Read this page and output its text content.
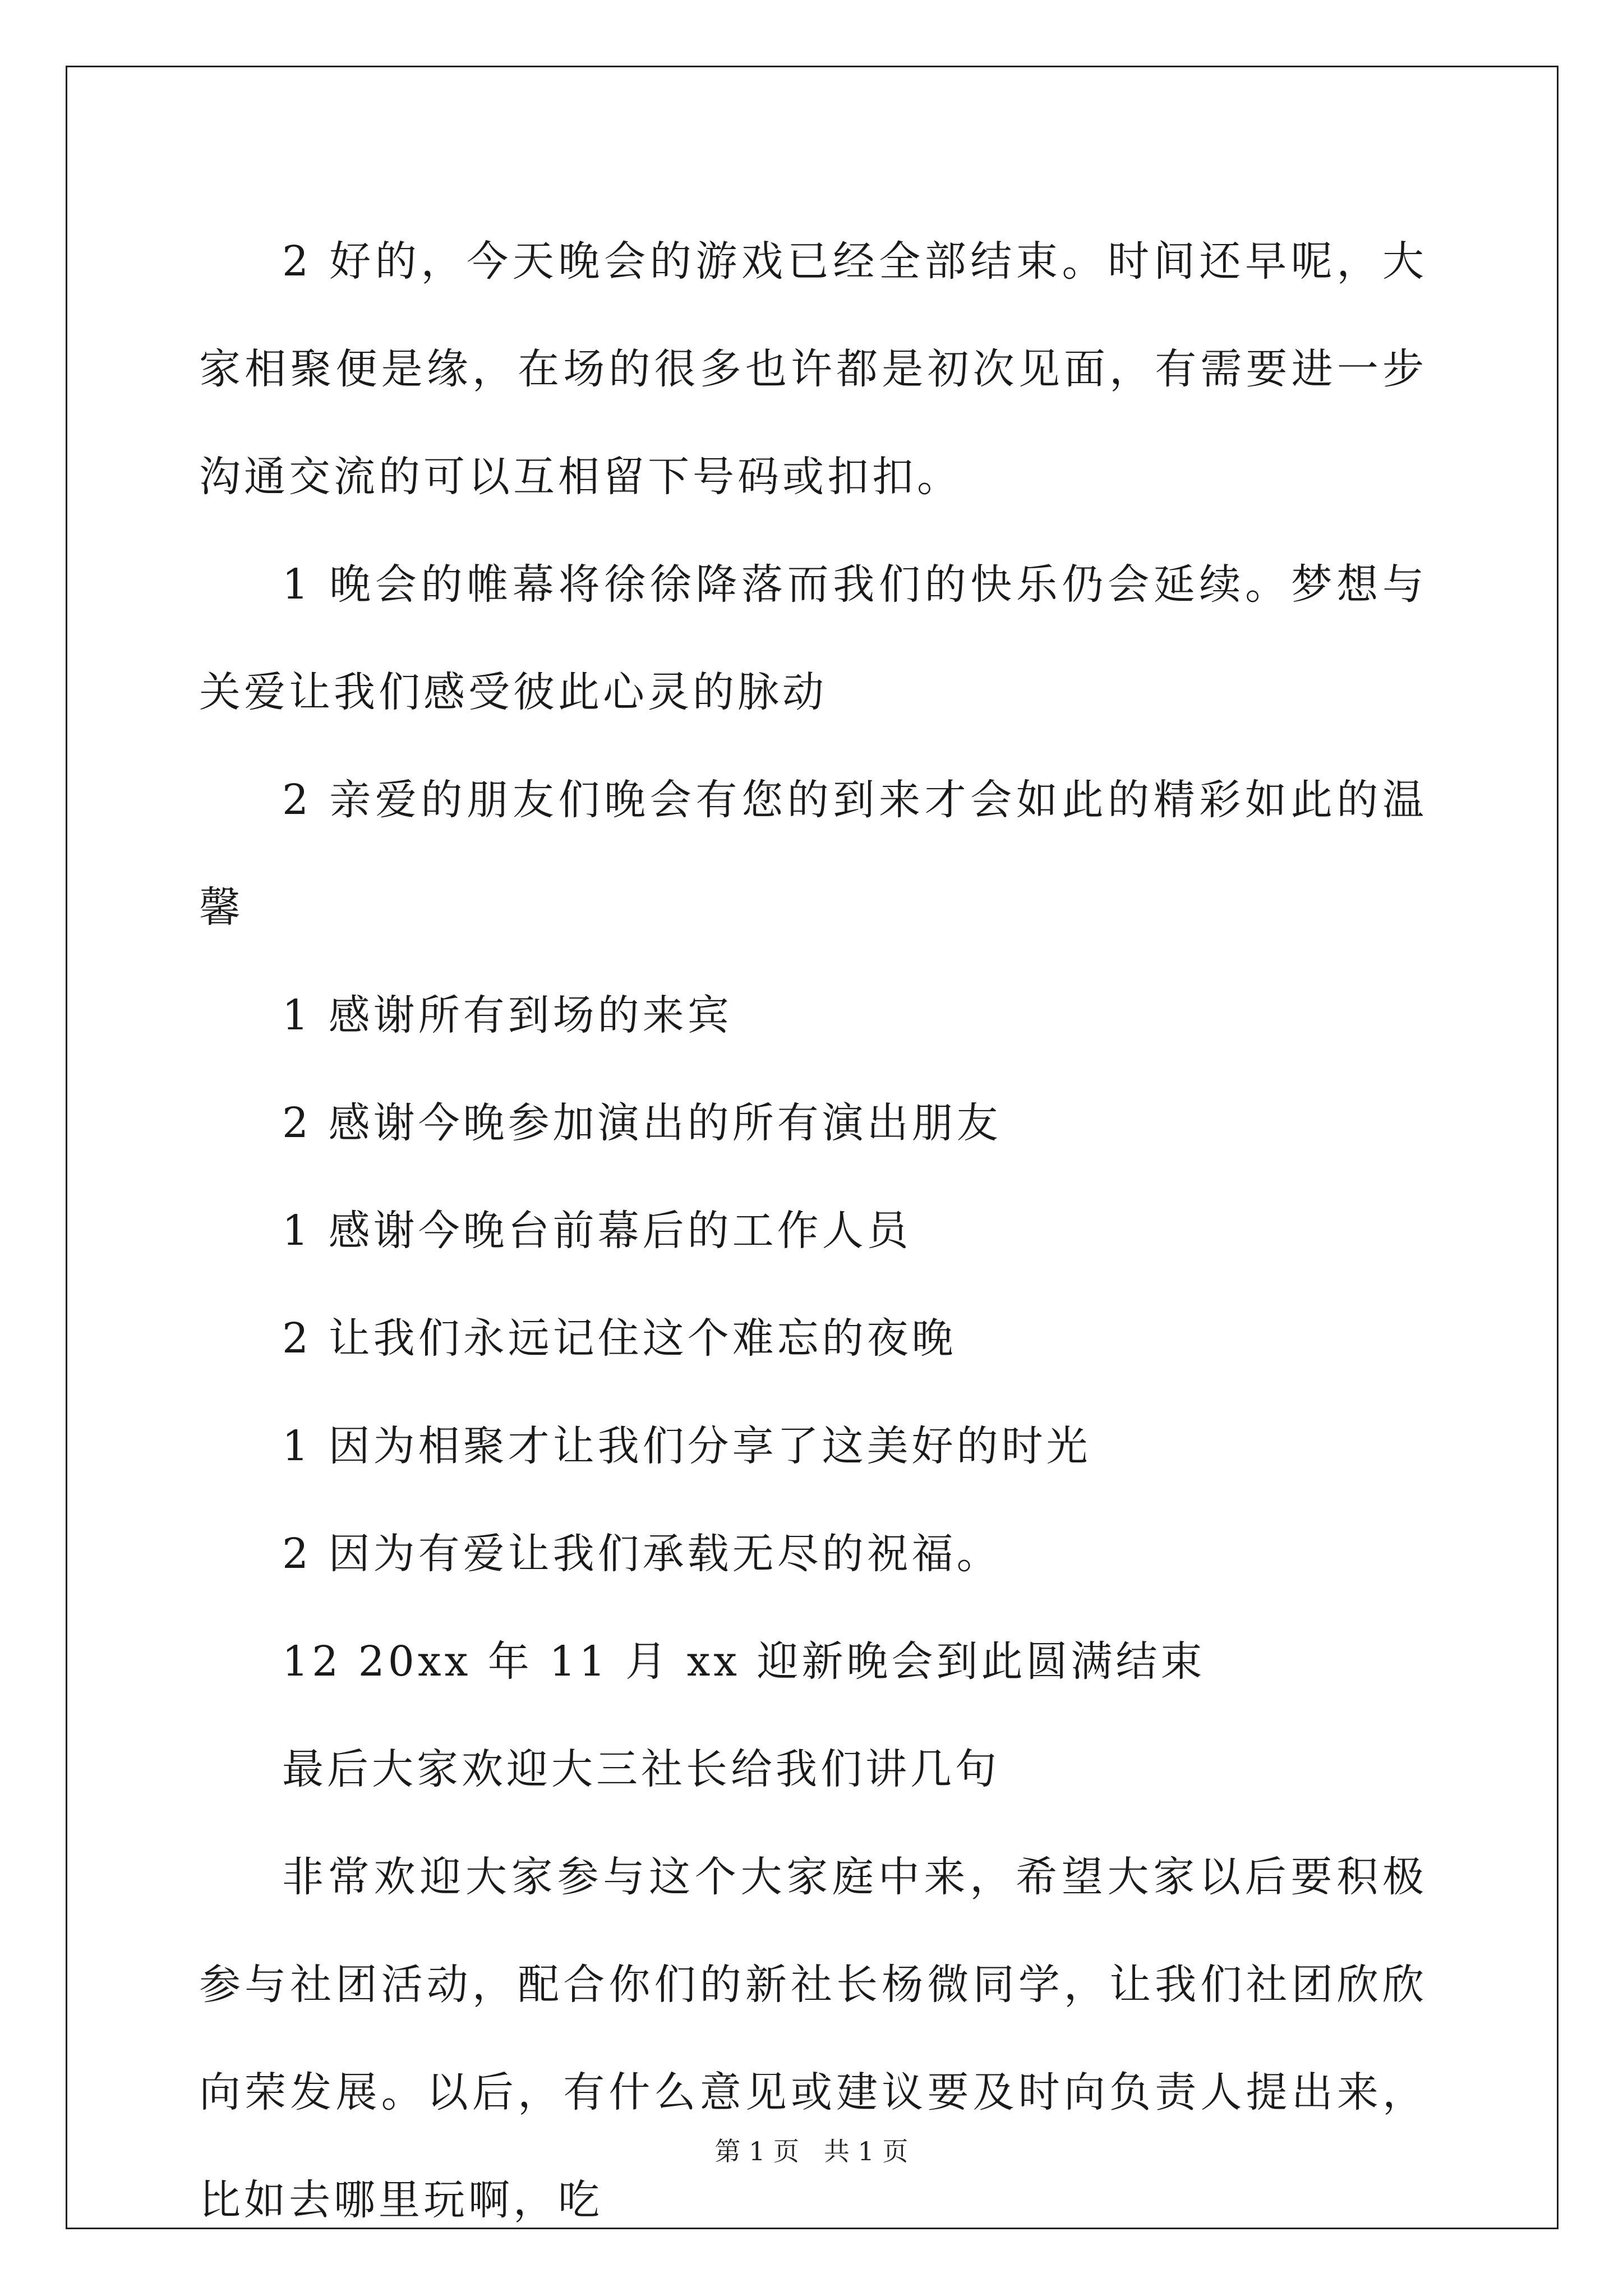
2 好的，今天晚会的游戏已经全部结束。时间还早呢，大家相聚便是缘，在场的很多也许都是初次见面，有需要进一步沟通交流的可以互相留下号码或扣扣。

1 晚会的帷幕将徐徐降落而我们的快乐仍会延续。梦想与关爱让我们感受彼此心灵的脉动

2 亲爱的朋友们晚会有您的到来才会如此的精彩如此的温馨

1 感谢所有到场的来宾

2 感谢今晚参加演出的所有演出朋友

1 感谢今晚台前幕后的工作人员

2 让我们永远记住这个难忘的夜晚

1 因为相聚才让我们分享了这美好的时光

2 因为有爱让我们承载无尽的祝福。

12 20xx 年 11 月 xx 迎新晚会到此圆满结束

最后大家欢迎大三社长给我们讲几句

非常欢迎大家参与这个大家庭中来，希望大家以后要积极参与社团活动，配合你们的新社长杨微同学，让我们社团欣欣向荣发展。以后，有什么意见或建议要及时向负责人提出来，比如去哪里玩啊，吃

第 1 页   共 1 页
